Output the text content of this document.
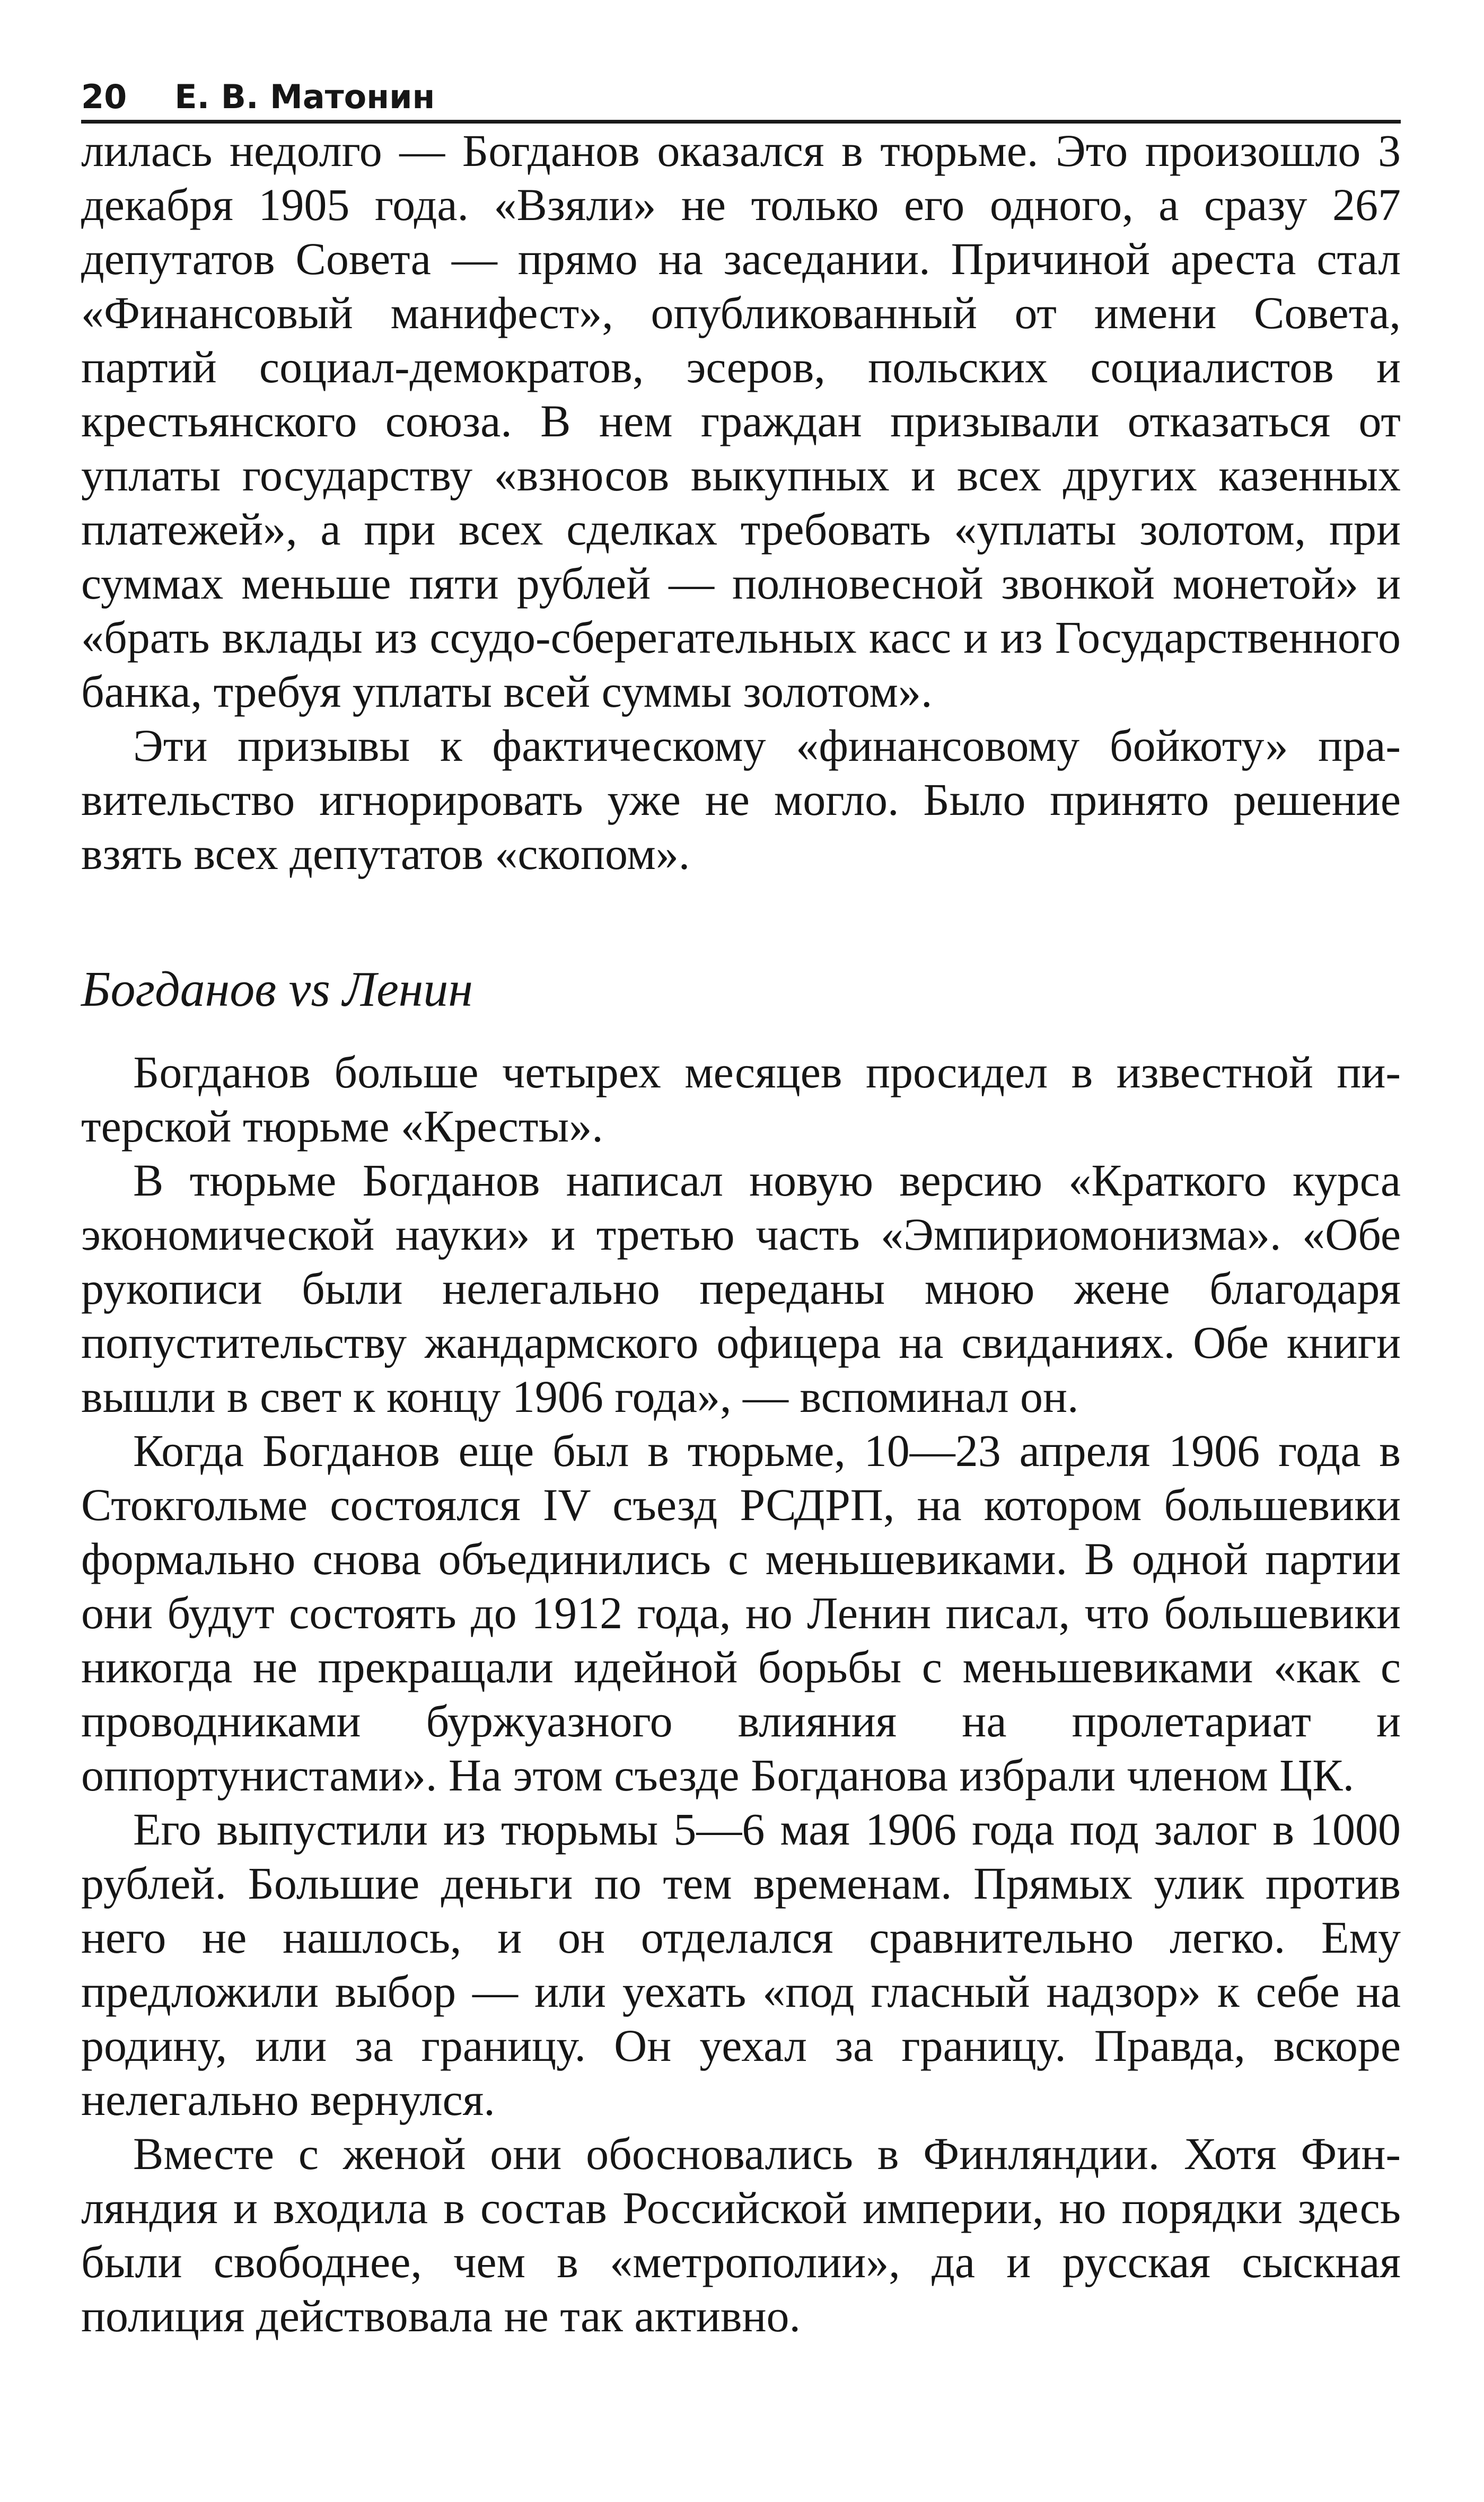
20 Е. В. Матонин

лилась недолго — Богданов оказался в тюрьме. Это произошло 3 декабря 1905 года. «Взяли» не только его одного, а сразу 267 депутатов Совета — прямо на заседании. Причиной ареста стал «Финансовый манифест», опубликованный от имени Совета, партий социал-демократов, эсеров, польских социалистов и крестьянского союза. В нем граждан призывали отказаться от уплаты государству «взносов выкупных и всех других казенных платежей», а при всех сделках требовать «уплаты золотом, при суммах меньше пяти рублей — полновесной звонкой монетой» и «брать вклады из ссудо-сберегательных касс и из Государственного банка, требуя уплаты всей суммы золотом».

Эти призывы к фактическому «финансовому бойкоту» правительство игнорировать уже не могло. Было принято решение взять всех депутатов «скопом».

Богданов vs Ленин

Богданов больше четырех месяцев просидел в известной питерской тюрьме «Кресты».

В тюрьме Богданов написал новую версию «Краткого курса экономической науки» и третью часть «Эмпириомонизма». «Обе рукописи были нелегально переданы мною жене благодаря попустительству жандармского офицера на свиданиях. Обе книги вышли в свет к концу 1906 года», — вспоминал он.

Когда Богданов еще был в тюрьме, 10—23 апреля 1906 года в Стокгольме состоялся IV съезд РСДРП, на котором большевики формально снова объединились с меньшевиками. В одной партии они будут состоять до 1912 года, но Ленин писал, что большевики никогда не прекращали идейной борьбы с меньшевиками «как с проводниками буржуазного влияния на пролетариат и оппортунистами». На этом съезде Богданова избрали членом ЦК.

Его выпустили из тюрьмы 5—6 мая 1906 года под залог в 1000 рублей. Большие деньги по тем временам. Прямых улик против него не нашлось, и он отделался сравнительно легко. Ему предложили выбор — или уехать «под гласный надзор» к себе на родину, или за границу. Он уехал за границу. Правда, вскоре нелегально вернулся.

Вместе с женой они обосновались в Финляндии. Хотя Финляндия и входила в состав Российской империи, но порядки здесь были свободнее, чем в «метрополии», да и русская сыскная полиция действовала не так активно.
